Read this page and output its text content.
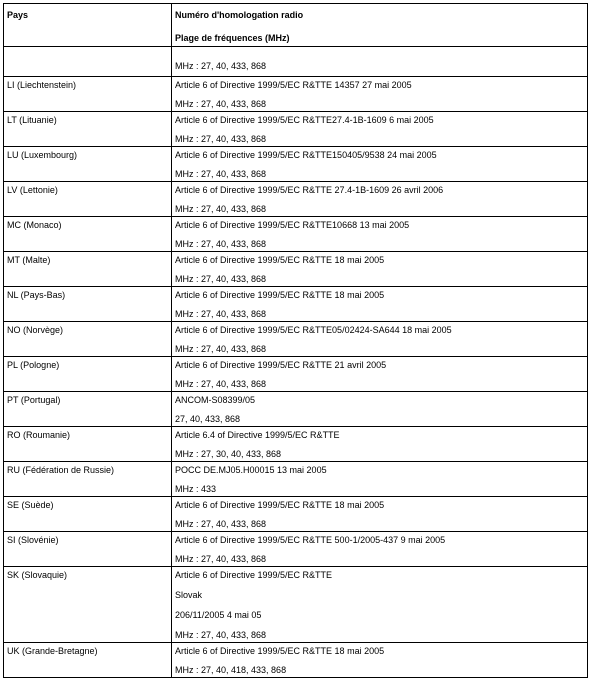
Pays	Numéro d'homologation radio
Plage de fréquences (MHz)

	MHz : 27, 40, 433, 868

LI (Liechtenstein)	Article 6 of Directive 1999/5/EC R&TTE 14357 27 mai 2005
MHz : 27, 40, 433, 868

LT (Lituanie)	Article 6 of Directive 1999/5/EC R&TTE27.4-1B-1609 6 mai 2005
MHz : 27, 40, 433, 868

LU (Luxembourg)	Article 6 of Directive 1999/5/EC R&TTE150405/9538 24 mai 2005
MHz : 27, 40, 433, 868

LV (Lettonie)	Article 6 of Directive 1999/5/EC R&TTE 27.4-1B-1609 26 avril 2006
MHz : 27, 40, 433, 868

MC (Monaco)	Article 6 of Directive 1999/5/EC R&TTE10668 13 mai 2005
MHz : 27, 40, 433, 868

MT (Malte)	Article 6 of Directive 1999/5/EC R&TTE 18 mai 2005
MHz : 27, 40, 433, 868

NL (Pays-Bas)	Article 6 of Directive 1999/5/EC R&TTE 18 mai 2005
MHz : 27, 40, 433, 868

NO (Norvège)	Article 6 of Directive 1999/5/EC R&TTE05/02424-SA644 18 mai 2005
MHz : 27, 40, 433, 868

PL (Pologne)	Article 6 of Directive 1999/5/EC R&TTE 21 avril 2005
MHz : 27, 40, 433, 868

PT (Portugal)	ANCOM-S08399/05
27, 40, 433, 868

RO (Roumanie)	Article 6.4 of Directive 1999/5/EC R&TTE
MHz : 27, 30, 40, 433, 868

RU (Fédération de Russie)	POCC DE.MJ05.H00015 13 mai 2005
MHz : 433

SE (Suède)	Article 6 of Directive 1999/5/EC R&TTE 18 mai 2005
MHz : 27, 40, 433, 868

SI (Slovénie)	Article 6 of Directive 1999/5/EC R&TTE 500-1/2005-437 9 mai 2005
MHz : 27, 40, 433, 868

SK (Slovaquie)	Article 6 of Directive 1999/5/EC R&TTE
Slovak
206/11/2005 4 mai 05
MHz : 27, 40, 433, 868

UK (Grande-Bretagne)	Article 6 of Directive 1999/5/EC R&TTE 18 mai 2005
MHz : 27, 40, 418, 433, 868
